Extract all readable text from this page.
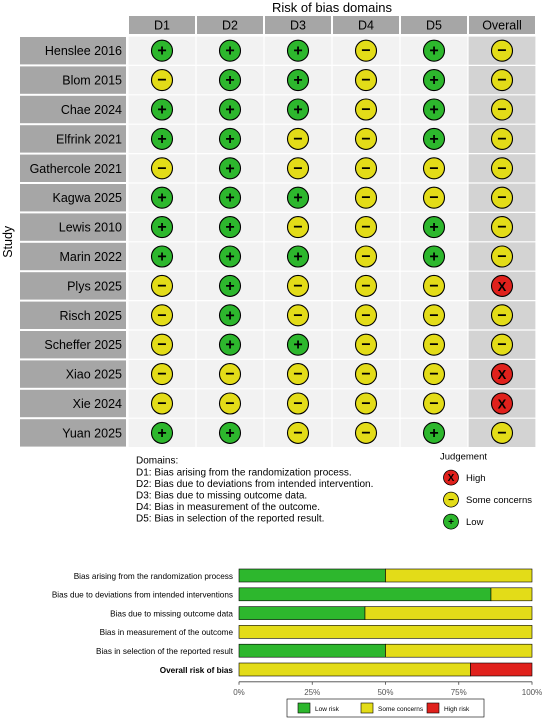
Risk of bias domains
D1	D2	D3	D4	D5	Overall
Study
Henslee 2016 +	+	+	−	+	−
Blom 2015 −	+	+	−	+	−
Chae 2024 +	+	+	−	+	−
Elfrink 2021 +	+	−	−	+	−
Gathercole 2021 −	+	−	−	−	−
Kagwa 2025 +	+	+	−	−	−
Lewis 2010 +	+	−	−	+	−
Marin 2022 +	+	+	−	+	−
Plys 2025 −	+	−	−	−	X
Risch 2025 −	+	−	−	−	−
Scheffer 2025 −	+	+	−	−	−
Xiao 2025 −	−	−	−	−	X
Xie 2024 −	−	−	−	−	X
Yuan 2025 +	+	−	−	+	−
Domains:
D1: Bias arising from the randomization process.
D2: Bias due to deviations from intended intervention.
D3: Bias due to missing outcome data.
D4: Bias in measurement of the outcome.
D5: Bias in selection of the reported result.
Judgement
X High
− Some concerns
+ Low
Bias arising from the randomization process
Bias due to deviations from intended interventions
Bias due to missing outcome data
Bias in measurement of the outcome
Bias in selection of the reported result
Overall risk of bias
0%	25%	50%	75%	100%
Low risk	Some concerns	High risk
